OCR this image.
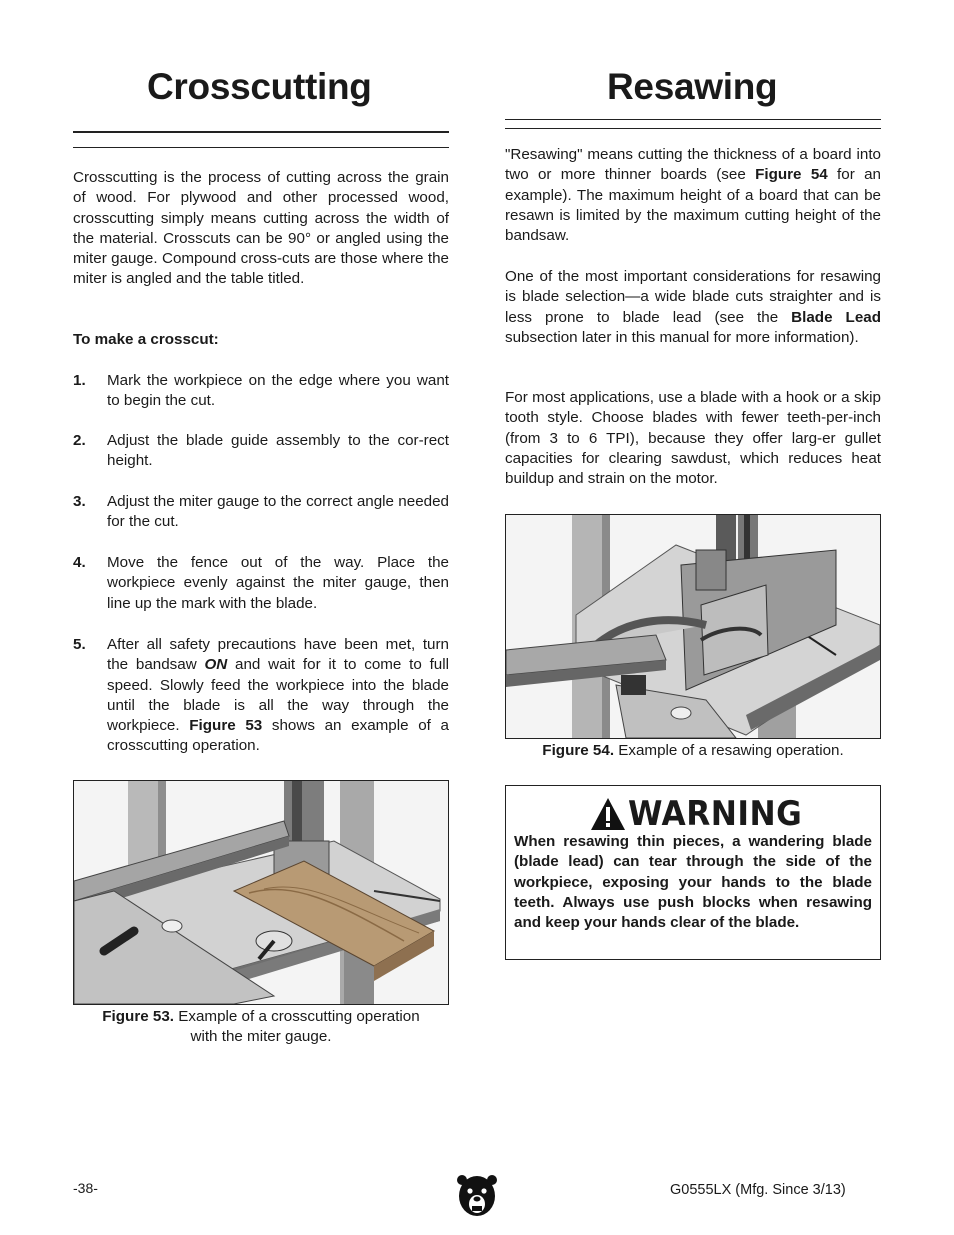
Crosscutting

Crosscutting is the process of cutting across the grain of wood. For plywood and other processed wood, crosscutting simply means cutting across the width of the material. Crosscuts can be 90° or angled using the miter gauge. Compound cross-cuts are those where the miter is angled and the table titled.

To make a crosscut:

1.	Mark the workpiece on the edge where you want to begin the cut.
2.	Adjust the blade guide assembly to the cor-rect height.
3.	Adjust the miter gauge to the correct angle needed for the cut.
4.	Move the fence out of the way. Place the workpiece evenly against the miter gauge, then line up the mark with the blade.
5.	After all safety precautions have been met, turn the bandsaw ON and wait for it to come to full speed. Slowly feed the workpiece into the blade until the blade is all the way through the workpiece. Figure 53 shows an example of a crosscutting operation.
Figure 53. Example of a crosscutting operation
with the miter gauge.
Resawing

"Resawing" means cutting the thickness of a board into two or more thinner boards (see Figure 54 for an example). The maximum height of a board that can be resawn is limited by the maximum cutting height of the bandsaw.

One of the most important considerations for resawing is blade selection—a wide blade cuts straighter and is less prone to blade lead (see the Blade Lead subsection later in this manual for more information).

For most applications, use a blade with a hook or a skip tooth style. Choose blades with fewer teeth-per-inch (from 3 to 6 TPI), because they offer larg-er gullet capacities for clearing sawdust, which reduces heat buildup and strain on the motor.

Figure 54. Example of a resawing operation.
WARNING
When resawing thin pieces, a wandering blade (blade lead) can tear through the side of the workpiece, exposing your hands to the blade teeth. Always use push blocks when resawing and keep your hands clear of the blade.
-38-	G0555LX (Mfg. Since 3/13)
